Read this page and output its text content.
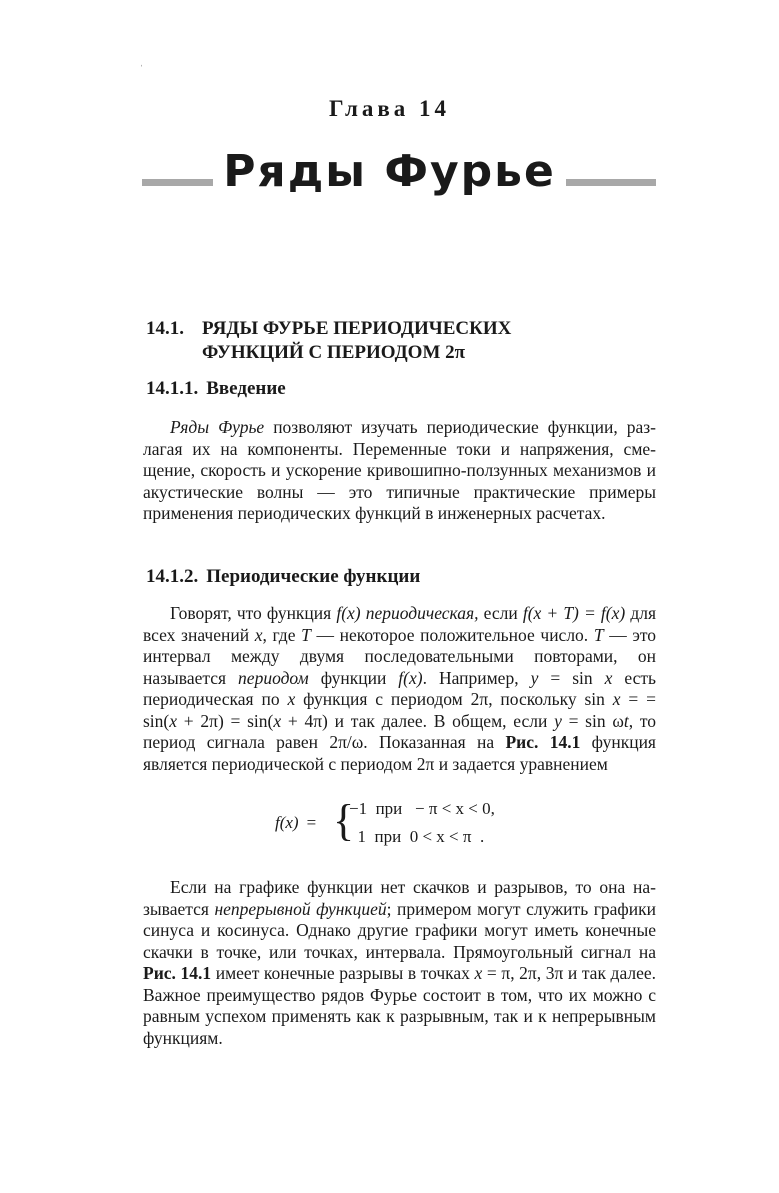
ˈ
Глава 14
Ряды Фурье
14.1. РЯДЫ ФУРЬЕ ПЕРИОДИЧЕСКИХ
ФУНКЦИЙ С ПЕРИОДОМ 2π
14.1.1. Введение

Ряды Фурье позволяют изучать периодические функции, разлагая их на компоненты. Переменные токи и напряжения, смещение, скорость и ускорение кривошипно-ползунных механизмов и акустические волны — это типичные практические примеры применения периодических функций в инженерных расчетах.

14.1.2. Периодические функции

Говорят, что функция f(x) периодическая, если f(x + T) = f(x) для всех значений x, где T — некоторое положительное число. T — это интервал между двумя последовательными повторами, он называется периодом функции f(x). Например, y = sin x есть периодическая по x функция с периодом 2π, поскольку sin x = = sin(x + 2π) = sin(x + 4π) и так далее. В общем, если y = sin ωt, то период сигнала равен 2π/ω. Показанная на Рис. 14.1 функция является периодической с периодом 2π и задается уравнением

f(x) = {
−1  при   − π < x < 0,
1  при  0 < x < π  .

Если на графике функции нет скачков и разрывов, то она называется непрерывной функцией; примером могут служить графики синуса и косинуса. Однако другие графики могут иметь конечные скачки в точке, или точках, интервала. Прямоугольный сигнал на Рис. 14.1 имеет конечные разрывы в точках x = π, 2π, 3π и так далее. Важное преимущество рядов Фурье состоит в том, что их можно с равным успехом применять как к разрывным, так и к непрерывным функциям.
